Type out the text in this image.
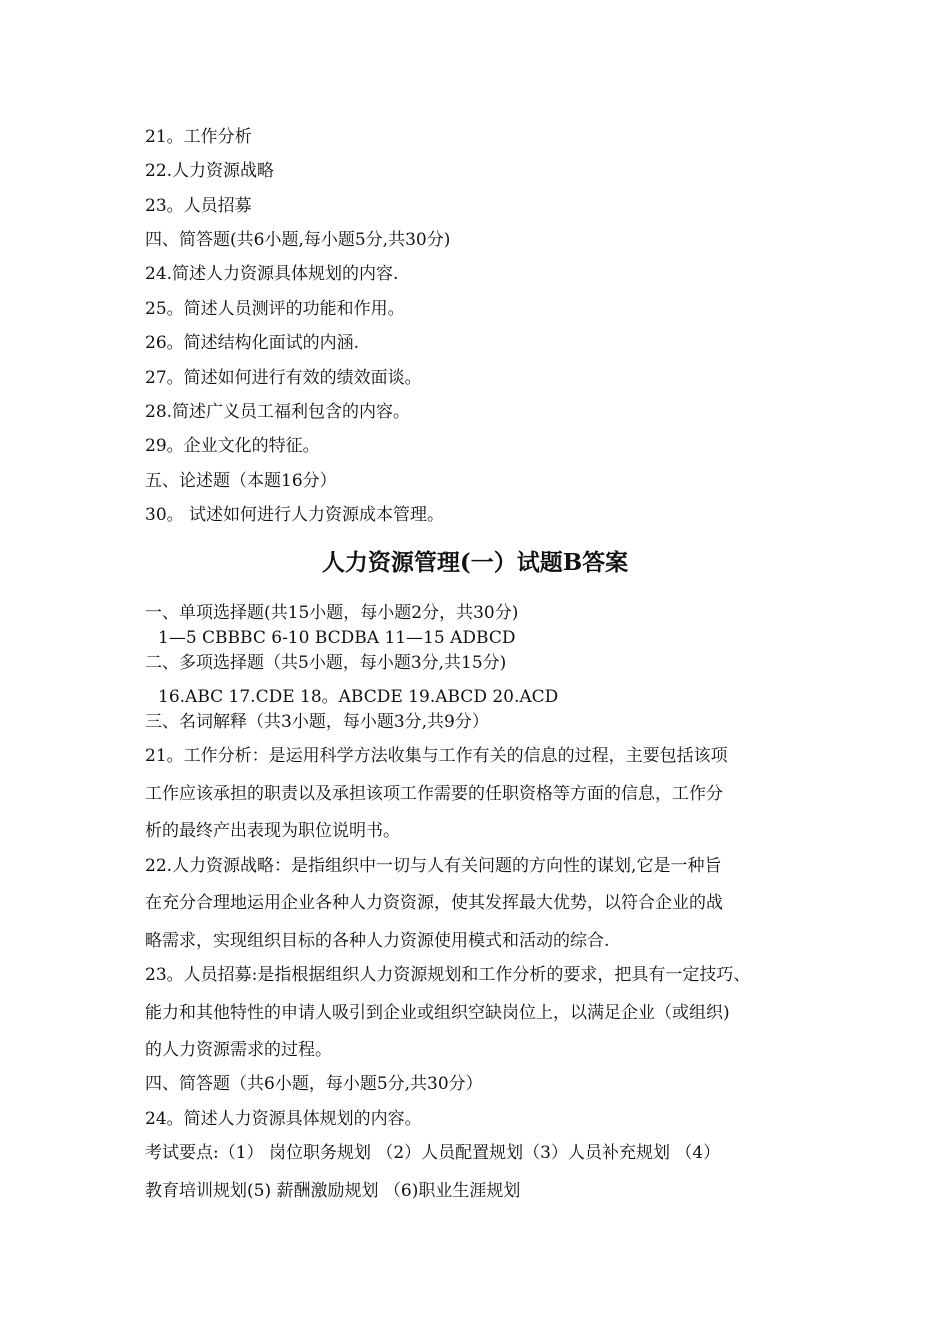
21。工作分析
22.人力资源战略
23。人员招募
四、简答题(共6小题,每小题5分,共30分)
24.简述人力资源具体规划的内容.
25。简述人员测评的功能和作用。
26。简述结构化面试的内涵.
27。简述如何进行有效的绩效面谈。
28.简述广义员工福利包含的内容。
29。企业文化的特征。
五、论述题（本题16分）
30。 试述如何进行人力资源成本管理。
人力资源管理(一）试题B答案
一、单项选择题(共15小题，每小题2分，共30分)
1—5 CBBBC 6-10 BCDBA 11—15 ADBCD
二、多项选择题（共5小题，每小题3分,共15分)
16.ABC 17.CDE 18。ABCDE 19.ABCD 20.ACD
三、名词解释（共3小题，每小题3分,共9分）
21。工作分析：是运用科学方法收集与工作有关的信息的过程，主要包括该项
工作应该承担的职责以及承担该项工作需要的任职资格等方面的信息，工作分
析的最终产出表现为职位说明书。
22.人力资源战略：是指组织中一切与人有关问题的方向性的谋划,它是一种旨
在充分合理地运用企业各种人力资资源，使其发挥最大优势，以符合企业的战
略需求，实现组织目标的各种人力资源使用模式和活动的综合.
23。人员招募:是指根据组织人力资源规划和工作分析的要求，把具有一定技巧、
能力和其他特性的申请人吸引到企业或组织空缺岗位上，以满足企业（或组织)
的人力资源需求的过程。
四、简答题（共6小题，每小题5分,共30分）
24。简述人力资源具体规划的内容。
考试要点:（1） 岗位职务规划 （2）人员配置规划（3）人员补充规划 （4）
教育培训规划(5) 薪酬激励规划 （6)职业生涯规划
